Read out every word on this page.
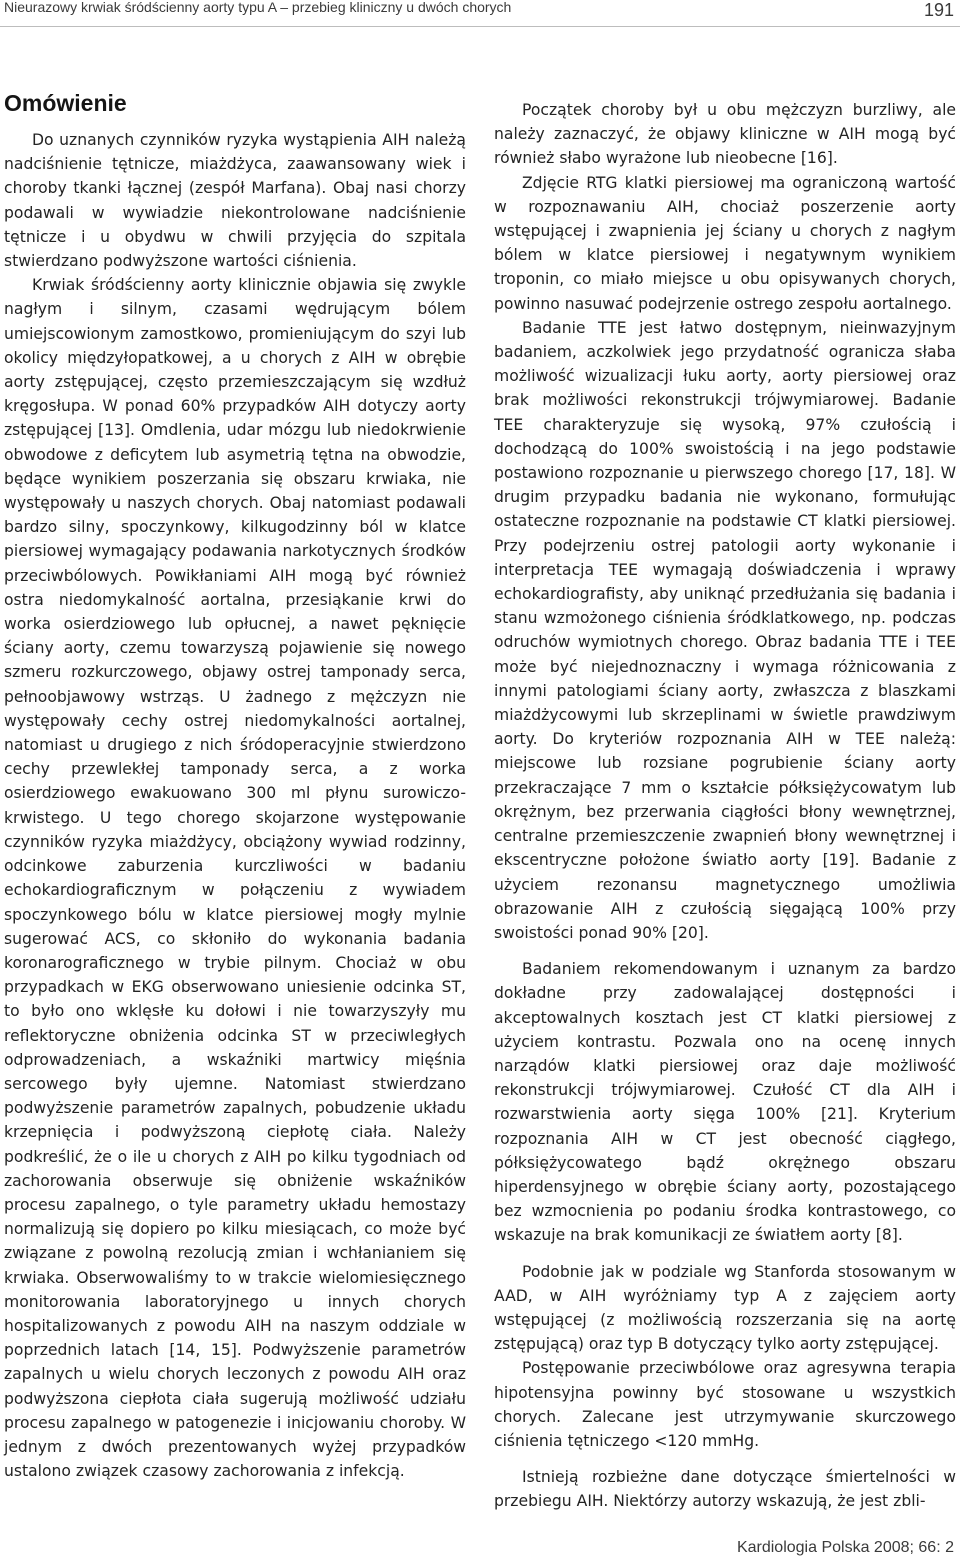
Nieurazowy krwiak śródścienny aorty typu A – przebieg kliniczny u dwóch chorych	191
Omówienie

Do uznanych czynników ryzyka wystąpienia AIH należą nadciśnienie tętnicze, miażdżyca, zaawansowany wiek i choroby tkanki łącznej (zespół Marfana). Obaj nasi chorzy podawali w wywiadzie niekontrolowane nadciśnienie tętnicze i u obydwu w chwili przyjęcia do szpitala stwierdzano podwyższone wartości ciśnienia.

Krwiak śródścienny aorty klinicznie objawia się zwykle nagłym i silnym, czasami wędrującym bólem umiejscowionym zamostkowo, promieniującym do szyi lub okolicy międzyłopatkowej, a u chorych z AIH w obrębie aorty zstępującej, często przemieszczającym się wzdłuż kręgosłupa. W ponad 60% przypadków AIH dotyczy aorty zstępującej [13]. Omdlenia, udar mózgu lub niedokrwienie obwodowe z deficytem lub asymetrią tętna na obwodzie, będące wynikiem poszerzania się obszaru krwiaka, nie występowały u naszych chorych. Obaj natomiast podawali bardzo silny, spoczynkowy, kilkugodzinny ból w klatce piersiowej wymagający podawania narkotycznych środków przeciwbólowych. Powikłaniami AIH mogą być również ostra niedomykalność aortalna, przesiąkanie krwi do worka osierdziowego lub opłucnej, a nawet pęknięcie ściany aorty, czemu towarzyszą pojawienie się nowego szmeru rozkurczowego, objawy ostrej tamponady serca, pełnoobjawowy wstrząs. U żadnego z mężczyzn nie występowały cechy ostrej niedomykalności aortalnej, natomiast u drugiego z nich śródoperacyjnie stwierdzono cechy przewlekłej tamponady serca, a z worka osierdziowego ewakuowano 300 ml płynu surowiczo-krwistego. U tego chorego skojarzone występowanie czynników ryzyka miażdżycy, obciążony wywiad rodzinny, odcinkowe zaburzenia kurczliwości w badaniu echokardiograficznym w połączeniu z wywiadem spoczynkowego bólu w klatce piersiowej mogły mylnie sugerować ACS, co skłoniło do wykonania badania koronarograficznego w trybie pilnym. Chociaż w obu przypadkach w EKG obserwowano uniesienie odcinka ST, to było ono wklęsłe ku dołowi i nie towarzyszyły mu reflektoryczne obniżenia odcinka ST w przeciwległych odprowadzeniach, a wskaźniki martwicy mięśnia sercowego były ujemne. Natomiast stwierdzano podwyższenie parametrów zapalnych, pobudzenie układu krzepnięcia i podwyższoną ciepłotę ciała. Należy podkreślić, że o ile u chorych z AIH po kilku tygodniach od zachorowania obserwuje się obniżenie wskaźników procesu zapalnego, o tyle parametry układu hemostazy normalizują się dopiero po kilku miesiącach, co może być związane z powolną rezolucją zmian i wchłanianiem się krwiaka. Obserwowaliśmy to w trakcie wielomiesięcznego monitorowania laboratoryjnego u innych chorych hospitalizowanych z powodu AIH na naszym oddziale w poprzednich latach [14, 15]. Podwyższenie parametrów zapalnych u wielu chorych leczonych z powodu AIH oraz podwyższona ciepłota ciała sugerują możliwość udziału procesu zapalnego w patogenezie i inicjowaniu choroby. W jednym z dwóch prezentowanych wyżej przypadków ustalono związek czasowy zachorowania z infekcją.

Początek choroby był u obu mężczyzn burzliwy, ale należy zaznaczyć, że objawy kliniczne w AIH mogą być również słabo wyrażone lub nieobecne [16].

Zdjęcie RTG klatki piersiowej ma ograniczoną wartość w rozpoznawaniu AIH, chociaż poszerzenie aorty wstępującej i zwapnienia jej ściany u chorych z nagłym bólem w klatce piersiowej i negatywnym wynikiem troponin, co miało miejsce u obu opisywanych chorych, powinno nasuwać podejrzenie ostrego zespołu aortalnego.

Badanie TTE jest łatwo dostępnym, nieinwazyjnym badaniem, aczkolwiek jego przydatność ogranicza słaba możliwość wizualizacji łuku aorty, aorty piersiowej oraz brak możliwości rekonstrukcji trójwymiarowej. Badanie TEE charakteryzuje się wysoką, 97% czułością i dochodzącą do 100% swoistością i na jego podstawie postawiono rozpoznanie u pierwszego chorego [17, 18]. W drugim przypadku badania nie wykonano, formułując ostateczne rozpoznanie na podstawie CT klatki piersiowej. Przy podejrzeniu ostrej patologii aorty wykonanie i interpretacja TEE wymagają doświadczenia i wprawy echokardiografisty, aby uniknąć przedłużania się badania i stanu wzmożonego ciśnienia śródklatkowego, np. podczas odruchów wymiotnych chorego. Obraz badania TTE i TEE może być niejednoznaczny i wymaga różnicowania z innymi patologiami ściany aorty, zwłaszcza z blaszkami miażdżycowymi lub skrzeplinami w świetle prawdziwym aorty. Do kryteriów rozpoznania AIH w TEE należą: miejscowe lub rozsiane pogrubienie ściany aorty przekraczające 7 mm o kształcie półksiężycowatym lub okrężnym, bez przerwania ciągłości błony wewnętrznej, centralne przemieszczenie zwapnień błony wewnętrznej i ekscentryczne położone światło aorty [19]. Badanie z użyciem rezonansu magnetycznego umożliwia obrazowanie AIH z czułością sięgającą 100% przy swoistości ponad 90% [20].

Badaniem rekomendowanym i uznanym za bardzo dokładne przy zadowalającej dostępności i akceptowalnych kosztach jest CT klatki piersiowej z użyciem kontrastu. Pozwala ono na ocenę innych narządów klatki piersiowej oraz daje możliwość rekonstrukcji trójwymiarowej. Czułość CT dla AIH i rozwarstwienia aorty sięga 100% [21]. Kryterium rozpoznania AIH w CT jest obecność ciągłego, półksiężycowatego bądź okrężnego obszaru hiperdensyjnego w obrębie ściany aorty, pozostającego bez wzmocnienia po podaniu środka kontrastowego, co wskazuje na brak komunikacji ze światłem aorty [8].

Podobnie jak w podziale wg Stanforda stosowanym w AAD, w AIH wyróżniamy typ A z zajęciem aorty wstępującej (z możliwością rozszerzania się na aortę zstępującą) oraz typ B dotyczący tylko aorty zstępującej.

Postępowanie przeciwbólowe oraz agresywna terapia hipotensyjna powinny być stosowane u wszystkich chorych. Zalecane jest utrzymywanie skurczowego ciśnienia tętniczego <120 mmHg.

Istnieją rozbieżne dane dotyczące śmiertelności w przebiegu AIH. Niektórzy autorzy wskazują, że jest zbli-

Kardiologia Polska 2008; 66: 2
